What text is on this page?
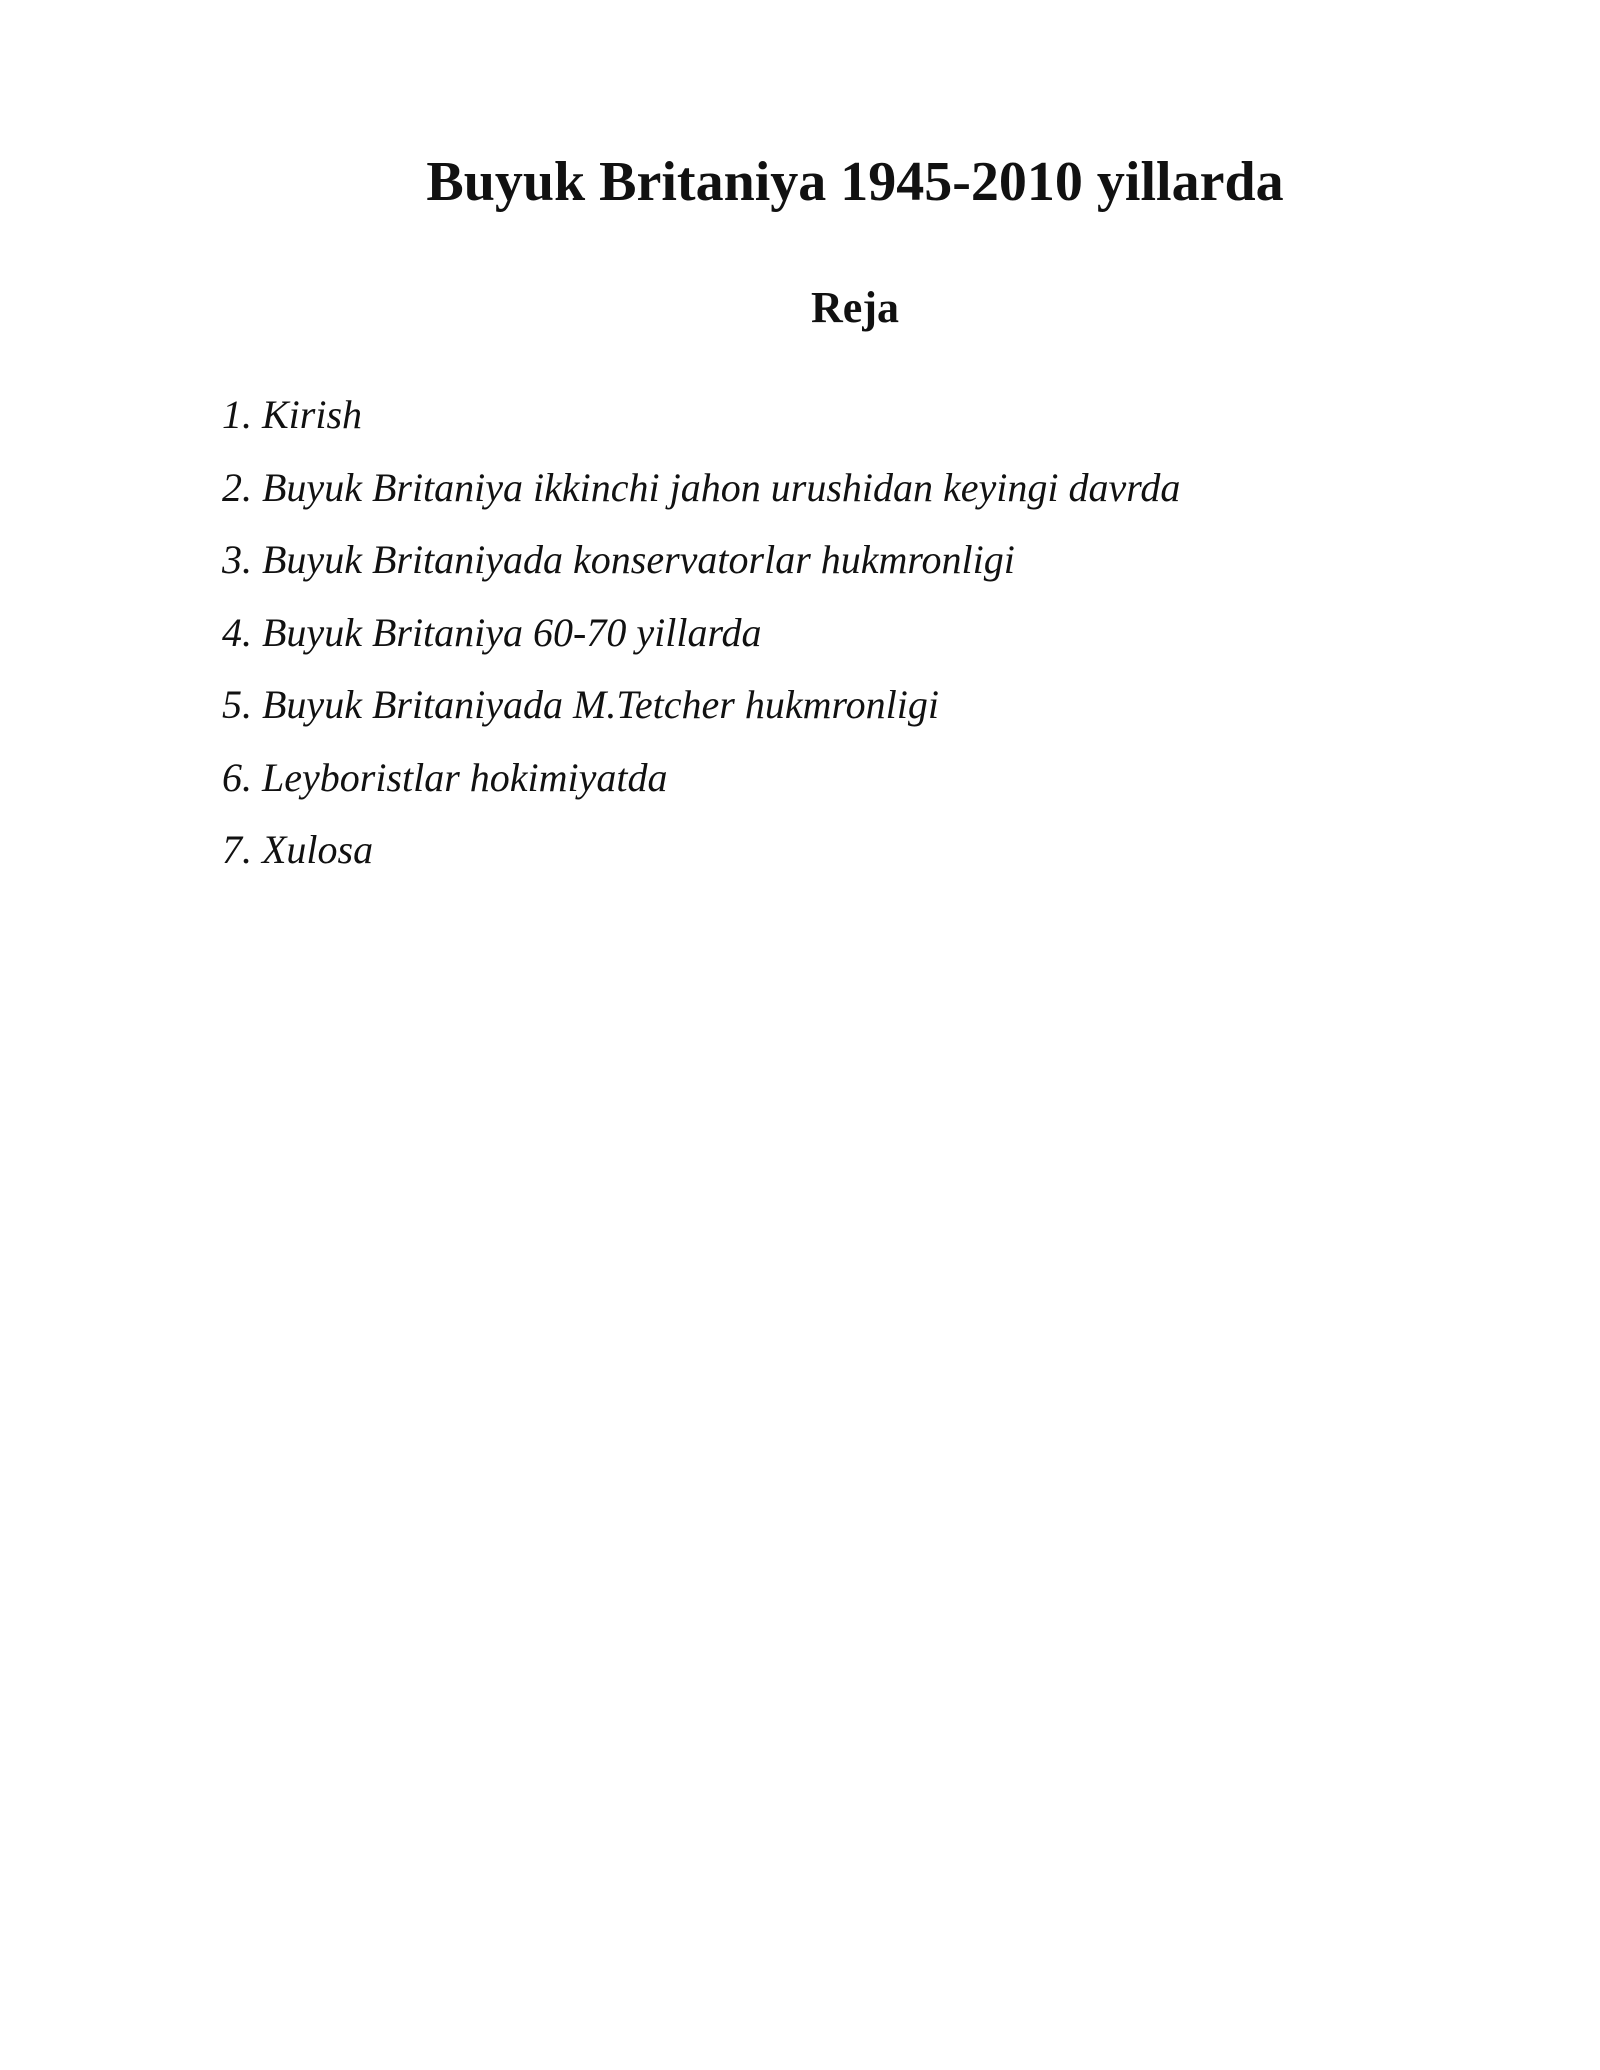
Buyuk Britaniya 1945-2010 yillarda
Reja
1. Kirish
2. Buyuk Britaniya ikkinchi jahon urushidan keyingi davrda
3. Buyuk Britaniyada konservatorlar hukmronligi
4. Buyuk Britaniya 60-70 yillarda
5. Buyuk Britaniyada M.Tetcher hukmronligi
6. Leyboristlar hokimiyatda
7. Xulosa
